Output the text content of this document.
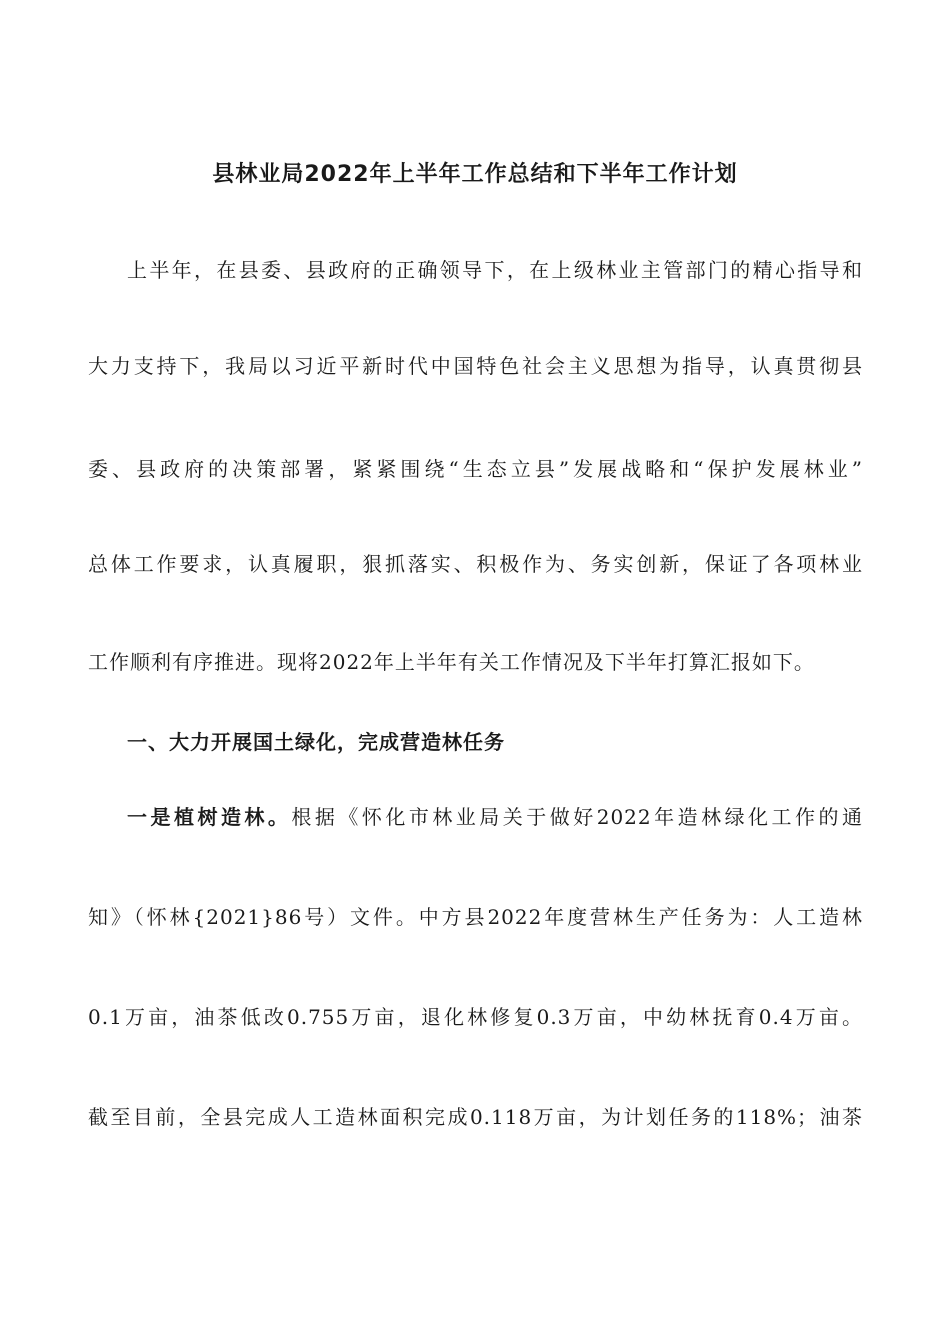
县林业局2022年上半年工作总结和下半年工作计划
上半年，在县委、县政府的正确领导下，在上级林业主管部门的精心指导和
大力支持下，我局以习近平新时代中国特色社会主义思想为指导，认真贯彻县
委、县政府的决策部署，紧紧围绕“生态立县”发展战略和“保护发展林业”
总体工作要求，认真履职，狠抓落实、积极作为、务实创新，保证了各项林业
工作顺利有序推进。现将2022年上半年有关工作情况及下半年打算汇报如下。
一、大力开展国土绿化，完成营造林任务
一是植树造林。根据《怀化市林业局关于做好2022年造林绿化工作的通
知》（怀林{2021}86号）文件。中方县2022年度营林生产任务为：人工造林
0.1万亩，油茶低改0.755万亩，退化林修复0.3万亩，中幼林抚育0.4万亩。
截至目前，全县完成人工造林面积完成0.118万亩，为计划任务的118%；油茶
